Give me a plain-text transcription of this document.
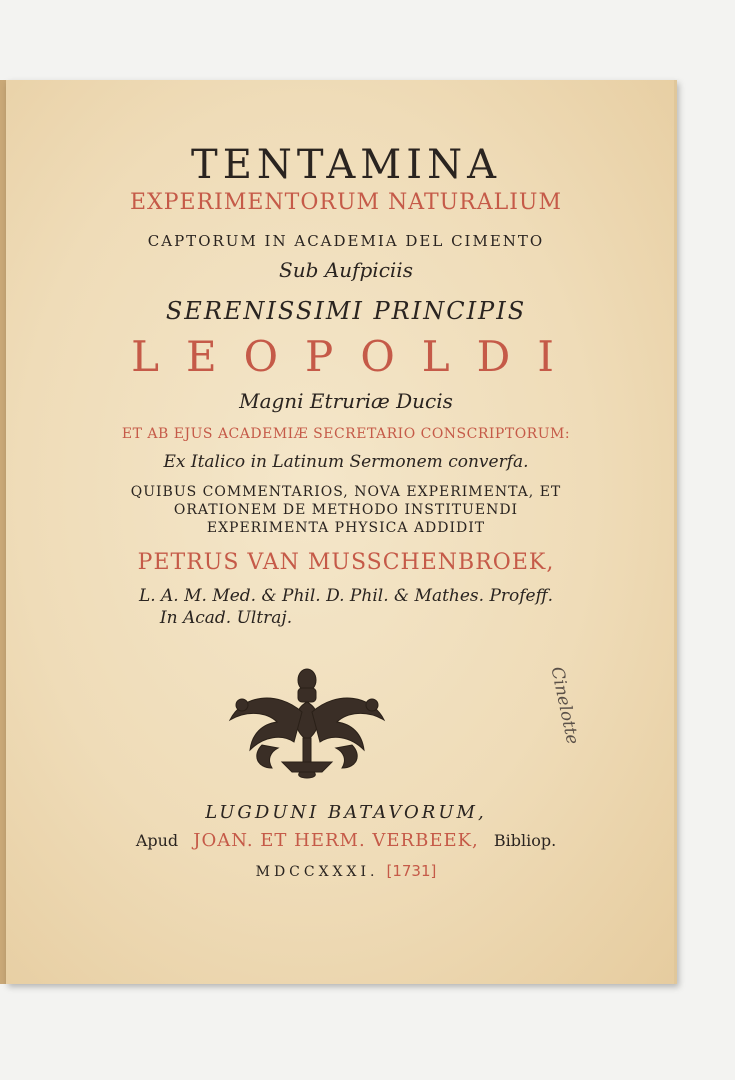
TENTAMINA
EXPERIMENTORUM NATURALIUM
CAPTORUM IN ACADEMIA DEL CIMENTO
Sub Aufpiciis
SERENISSIMI PRINCIPIS
LEOPOLDI
Magni Etruriæ Ducis
ET AB EJUS ACADEMIÆ SECRETARIO CONSCRIPTORUM:
Ex Italico in Latinum Sermonem converfa.
QUIBUS COMMENTARIOS, NOVA EXPERIMENTA, ET
ORATIONEM DE METHODO INSTITUENDI
EXPERIMENTA PHYSICA ADDIDIT
PETRUS VAN MUSSCHENBROEK,
L. A. M. Med. & Phil. D. Phil. & Mathes. Profeff.
In Acad. Ultraj.
Cinelotte
LUGDUNI BATAVORUM,
Apud JOAN. ET HERM. VERBEEK, Bibliop.
MDCCXXXI. [1731]
